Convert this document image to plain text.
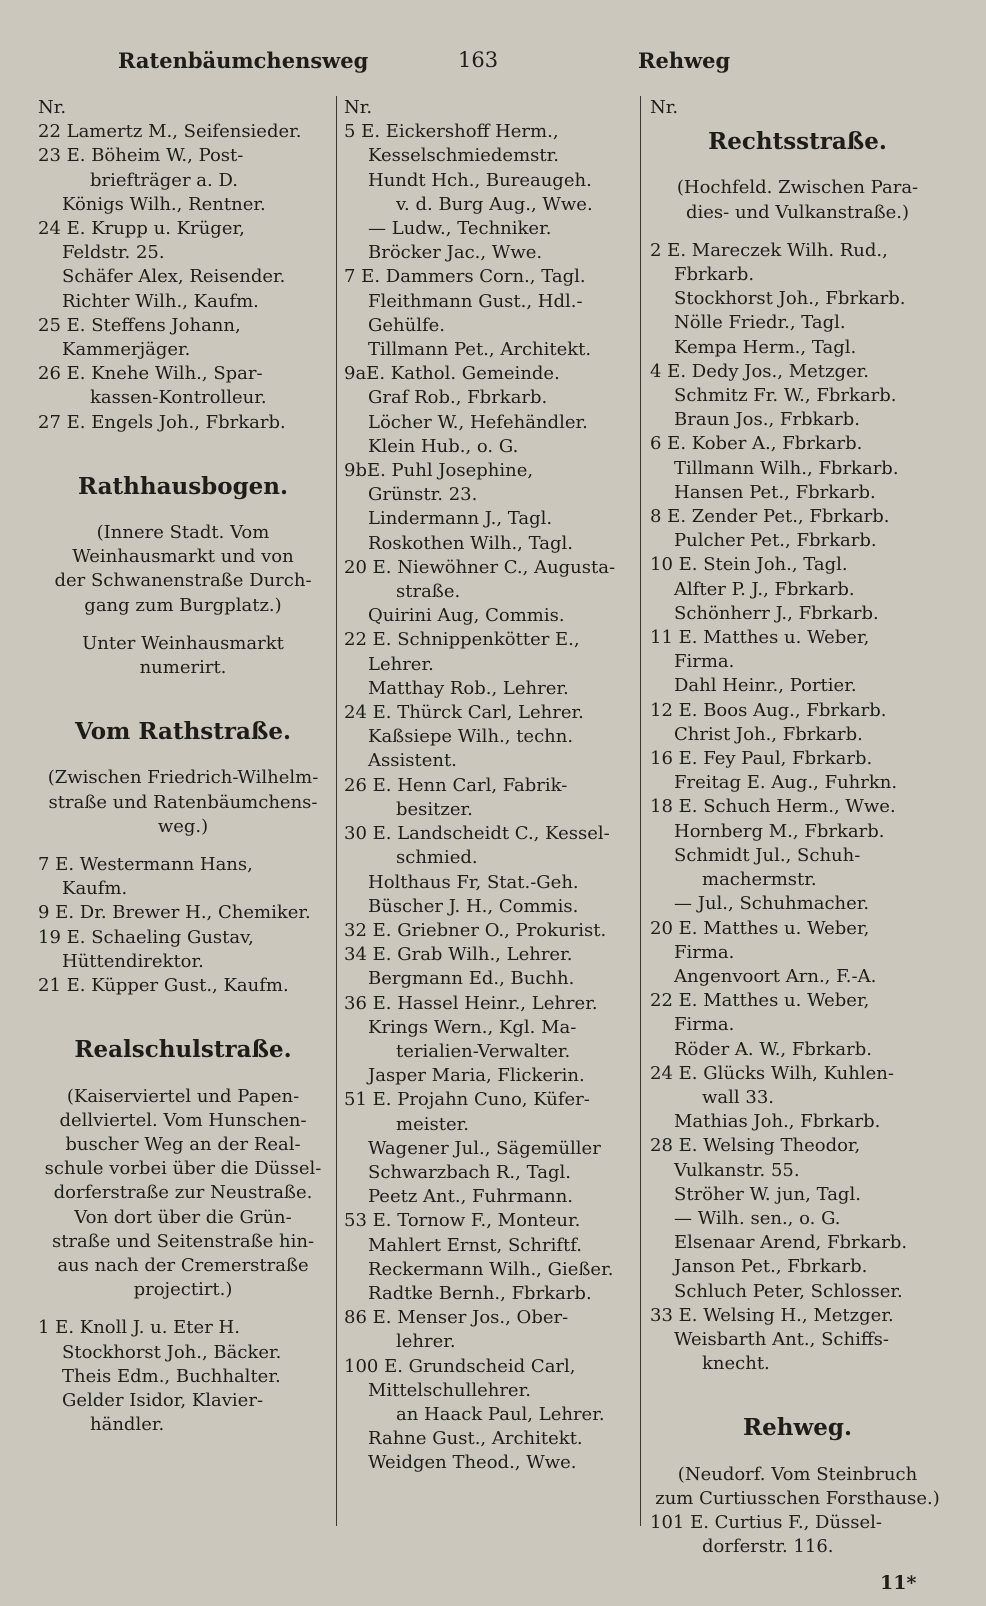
Ratenbäumchensweg	163	Rehweg
Nr.
22 Lamertz M., Seifensieder.
23 E. Böheim W., Post-
briefträger a. D.
Königs Wilh., Rentner.
24 E. Krupp u. Krüger,
Feldstr. 25.
Schäfer Alex, Reisender.
Richter Wilh., Kaufm.
25 E. Steffens Johann,
Kammerjäger.
26 E. Knehe Wilh., Spar-
kassen-Kontrolleur.
27 E. Engels Joh., Fbrkarb.
Rathhausbogen.
(Innere Stadt. Vom
Weinhausmarkt und von
der Schwanenstraße Durch-
gang zum Burgplatz.)
Unter Weinhausmarkt
numerirt.
Vom Rathstraße.
(Zwischen Friedrich-Wilhelm-
straße und Ratenbäumchens-
weg.)
7 E. Westermann Hans,
Kaufm.
9 E. Dr. Brewer H., Chemiker.
19 E. Schaeling Gustav,
Hüttendirektor.
21 E. Küpper Gust., Kaufm.
Realschulstraße.
(Kaiserviertel und Papen-
dellviertel. Vom Hunschen-
buscher Weg an der Real-
schule vorbei über die Düssel-
dorferstraße zur Neustraße.
Von dort über die Grün-
straße und Seitenstraße hin-
aus nach der Cremerstraße
projectirt.)
1 E. Knoll J. u. Eter H.
Stockhorst Joh., Bäcker.
Theis Edm., Buchhalter.
Gelder Isidor, Klavier-
händler.
Nr.
5 E. Eickershoff Herm.,
Kesselschmiedemstr.
Hundt Hch., Bureaugeh.
v. d. Burg Aug., Wwe.
— Ludw., Techniker.
Bröcker Jac., Wwe.
7 E. Dammers Corn., Tagl.
Fleithmann Gust., Hdl.-
Gehülfe.
Tillmann Pet., Architekt.
9aE. Kathol. Gemeinde.
Graf Rob., Fbrkarb.
Löcher W., Hefehändler.
Klein Hub., o. G.
9bE. Puhl Josephine,
Grünstr. 23.
Lindermann J., Tagl.
Roskothen Wilh., Tagl.
20 E. Niewöhner C., Augusta-
straße.
Quirini Aug, Commis.
22 E. Schnippenkötter E.,
Lehrer.
Matthay Rob., Lehrer.
24 E. Thürck Carl, Lehrer.
Kaßsiepe Wilh., techn.
Assistent.
26 E. Henn Carl, Fabrik-
besitzer.
30 E. Landscheidt C., Kessel-
schmied.
Holthaus Fr, Stat.-Geh.
Büscher J. H., Commis.
32 E. Griebner O., Prokurist.
34 E. Grab Wilh., Lehrer.
Bergmann Ed., Buchh.
36 E. Hassel Heinr., Lehrer.
Krings Wern., Kgl. Ma-
terialien-Verwalter.
Jasper Maria, Flickerin.
51 E. Projahn Cuno, Küfer-
meister.
Wagener Jul., Sägemüller
Schwarzbach R., Tagl.
Peetz Ant., Fuhrmann.
53 E. Tornow F., Monteur.
Mahlert Ernst, Schriftf.
Reckermann Wilh., Gießer.
Radtke Bernh., Fbrkarb.
86 E. Menser Jos., Ober-
lehrer.
100 E. Grundscheid Carl,
Mittelschullehrer.
an Haack Paul, Lehrer.
Rahne Gust., Architekt.
Weidgen Theod., Wwe.
Nr.
Rechtsstraße.
(Hochfeld. Zwischen Para-
dies- und Vulkanstraße.)
2 E. Mareczek Wilh. Rud.,
Fbrkarb.
Stockhorst Joh., Fbrkarb.
Nölle Friedr., Tagl.
Kempa Herm., Tagl.
4 E. Dedy Jos., Metzger.
Schmitz Fr. W., Fbrkarb.
Braun Jos., Frbkarb.
6 E. Kober A., Fbrkarb.
Tillmann Wilh., Fbrkarb.
Hansen Pet., Fbrkarb.
8 E. Zender Pet., Fbrkarb.
Pulcher Pet., Fbrkarb.
10 E. Stein Joh., Tagl.
Alfter P. J., Fbrkarb.
Schönherr J., Fbrkarb.
11 E. Matthes u. Weber,
Firma.
Dahl Heinr., Portier.
12 E. Boos Aug., Fbrkarb.
Christ Joh., Fbrkarb.
16 E. Fey Paul, Fbrkarb.
Freitag E. Aug., Fuhrkn.
18 E. Schuch Herm., Wwe.
Hornberg M., Fbrkarb.
Schmidt Jul., Schuh-
machermstr.
— Jul., Schuhmacher.
20 E. Matthes u. Weber,
Firma.
Angenvoort Arn., F.-A.
22 E. Matthes u. Weber,
Firma.
Röder A. W., Fbrkarb.
24 E. Glücks Wilh, Kuhlen-
wall 33.
Mathias Joh., Fbrkarb.
28 E. Welsing Theodor,
Vulkanstr. 55.
Ströher W. jun, Tagl.
— Wilh. sen., o. G.
Elsenaar Arend, Fbrkarb.
Janson Pet., Fbrkarb.
Schluch Peter, Schlosser.
33 E. Welsing H., Metzger.
Weisbarth Ant., Schiffs-
knecht.
Rehweg.
(Neudorf. Vom Steinbruch
zum Curtiusschen Forsthause.)
101 E. Curtius F., Düssel-
dorferstr. 116.
11*
